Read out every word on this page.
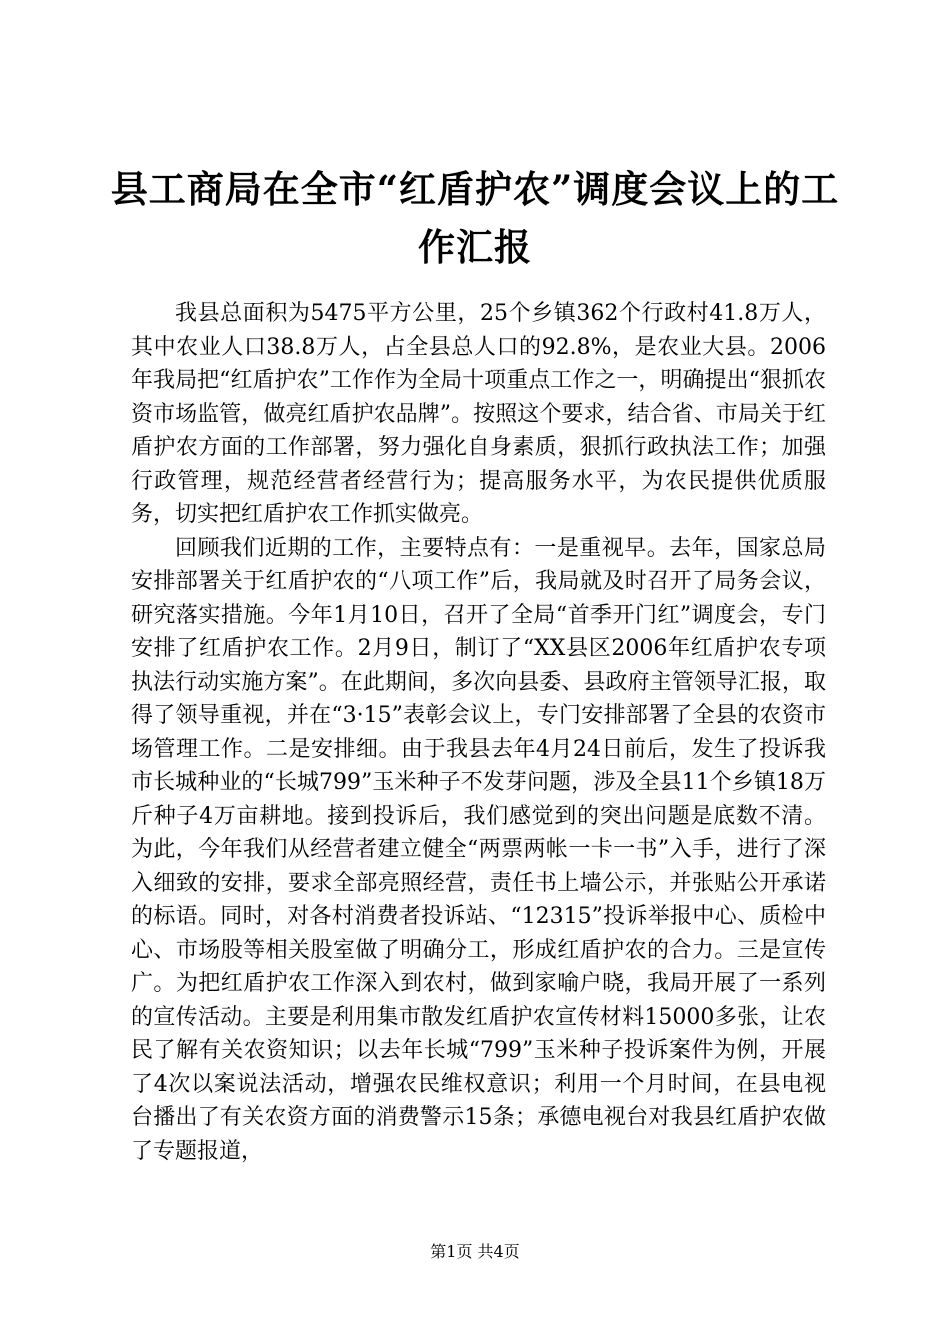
县工商局在全市“红盾护农”调度会议上的工作汇报

我县总面积为5475平方公里，25个乡镇362个行政村41.8万人，其中农业人口38.8万人，占全县总人口的92.8%，是农业大县。2006年我局把“红盾护农”工作作为全局十项重点工作之一，明确提出“狠抓农资市场监管，做亮红盾护农品牌”。按照这个要求，结合省、市局关于红盾护农方面的工作部署，努力强化自身素质，狠抓行政执法工作；加强行政管理，规范经营者经营行为；提高服务水平，为农民提供优质服务，切实把红盾护农工作抓实做亮。

回顾我们近期的工作，主要特点有：一是重视早。去年，国家总局安排部署关于红盾护农的“八项工作”后，我局就及时召开了局务会议，研究落实措施。今年1月10日，召开了全局“首季开门红”调度会，专门安排了红盾护农工作。2月9日，制订了“XX县区2006年红盾护农专项执法行动实施方案”。在此期间，多次向县委、县政府主管领导汇报，取得了领导重视，并在“3·15”表彰会议上，专门安排部署了全县的农资市场管理工作。二是安排细。由于我县去年4月24日前后，发生了投诉我市长城种业的“长城799”玉米种子不发芽问题，涉及全县11个乡镇18万斤种子4万亩耕地。接到投诉后，我们感觉到的突出问题是底数不清。为此，今年我们从经营者建立健全“两票两帐一卡一书”入手，进行了深入细致的安排，要求全部亮照经营，责任书上墙公示，并张贴公开承诺的标语。同时，对各村消费者投诉站、“12315”投诉举报中心、质检中心、市场股等相关股室做了明确分工，形成红盾护农的合力。三是宣传广。为把红盾护农工作深入到农村，做到家喻户晓，我局开展了一系列的宣传活动。主要是利用集市散发红盾护农宣传材料15000多张，让农民了解有关农资知识；以去年长城“799”玉米种子投诉案件为例，开展了4次以案说法活动，增强农民维权意识；利用一个月时间，在县电视台播出了有关农资方面的消费警示15条；承德电视台对我县红盾护农做了专题报道，

第1页 共4页
